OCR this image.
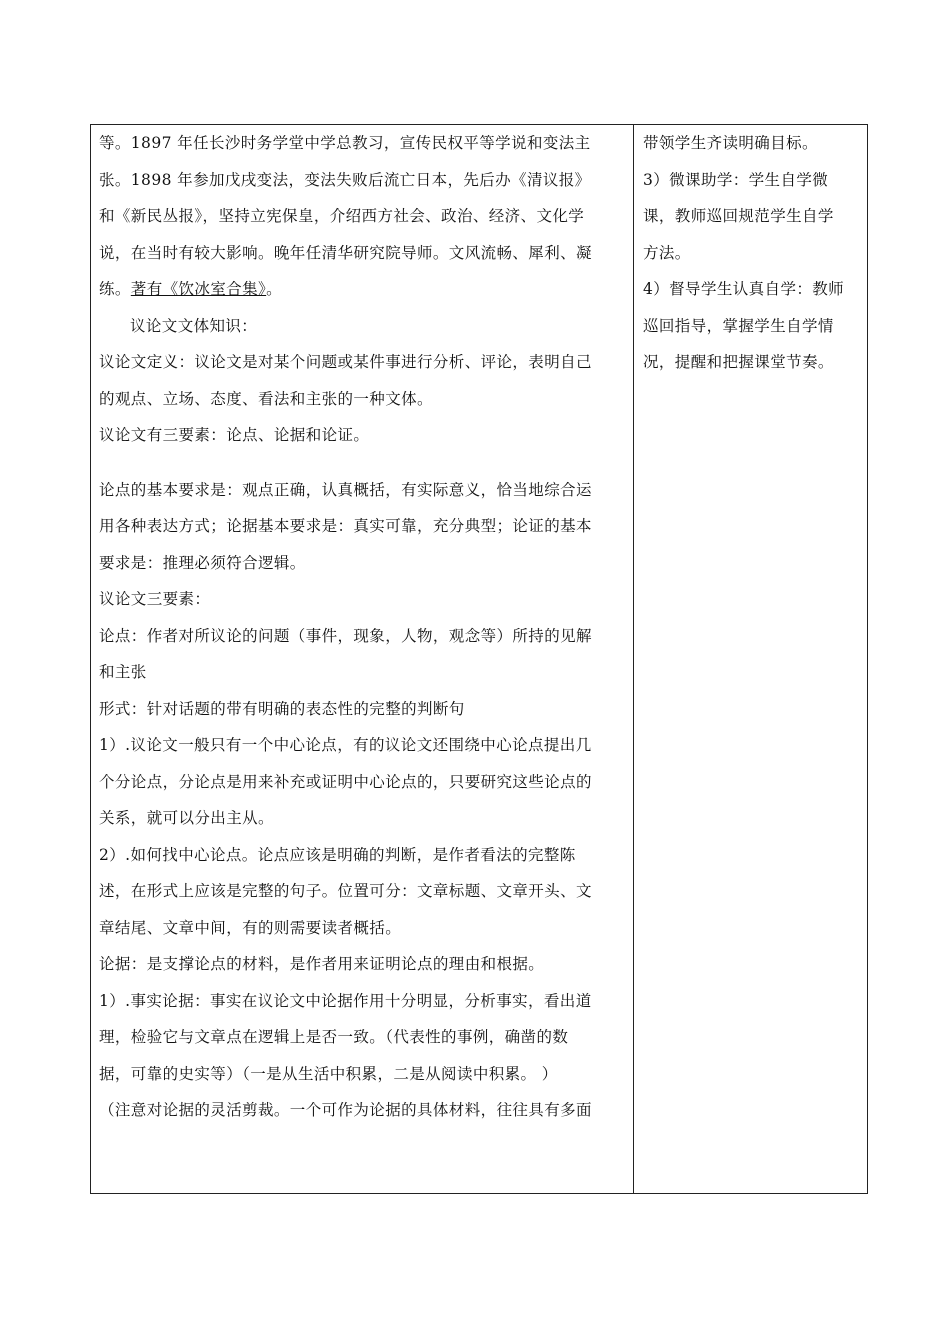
等。1897 年任长沙时务学堂中学总教习，宣传民权平等学说和变法主

张。1898 年参加戊戌变法，变法失败后流亡日本，先后办《清议报》

和《新民丛报》，坚持立宪保皇，介绍西方社会、政治、经济、文化学

说，在当时有较大影响。晚年任清华研究院导师。文风流畅、犀利、凝

练。著有《饮冰室合集》。

议论文文体知识：

议论文定义：议论文是对某个问题或某件事进行分析、评论，表明自己

的观点、立场、态度、看法和主张的一种文体。

议论文有三要素：论点、论据和论证。

论点的基本要求是：观点正确，认真概括，有实际意义，恰当地综合运

用各种表达方式；论据基本要求是：真实可靠，充分典型；论证的基本

要求是：推理必须符合逻辑。

议论文三要素：

论点：作者对所议论的问题（事件，现象，人物，观念等）所持的见解

和主张

形式：针对话题的带有明确的表态性的完整的判断句

1）.议论文一般只有一个中心论点，有的议论文还围绕中心论点提出几

个分论点，分论点是用来补充或证明中心论点的，只要研究这些论点的

关系，就可以分出主从。

2）.如何找中心论点。论点应该是明确的判断，是作者看法的完整陈

述，在形式上应该是完整的句子。位置可分：文章标题、文章开头、文

章结尾、文章中间，有的则需要读者概括。

论据：是支撑论点的材料，是作者用来证明论点的理由和根据。

1）.事实论据：事实在议论文中论据作用十分明显，分析事实，看出道

理，检验它与文章点在逻辑上是否一致。（代表性的事例，确凿的数

据，可靠的史实等）（一是从生活中积累，二是从阅读中积累。 ）

（注意对论据的灵活剪裁。一个可作为论据的具体材料，往往具有多面

带领学生齐读明确目标。

3）微课助学：学生自学微

课，教师巡回规范学生自学

方法。

4）督导学生认真自学：教师

巡回指导，掌握学生自学情

况，提醒和把握课堂节奏。
